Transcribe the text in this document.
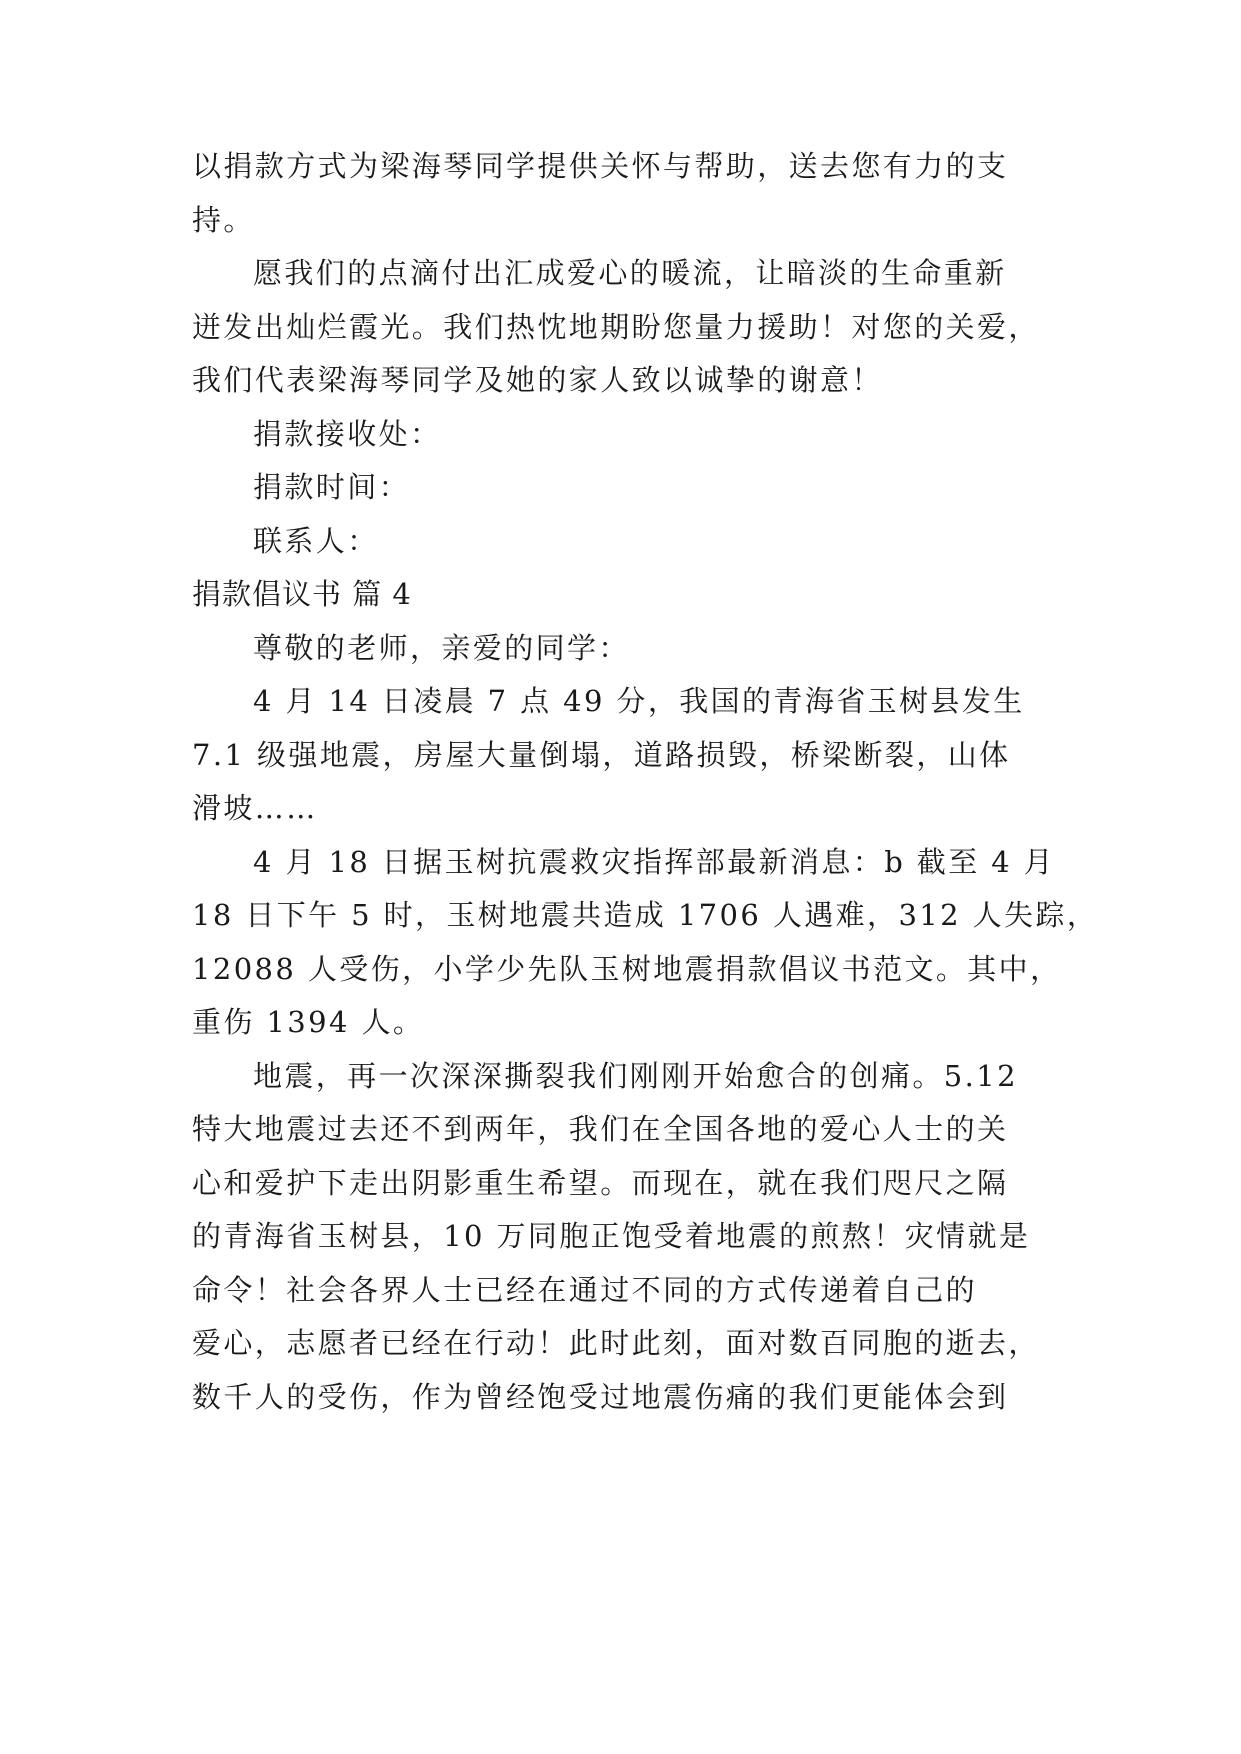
以捐款方式为梁海琴同学提供关怀与帮助，送去您有力的支
持。
愿我们的点滴付出汇成爱心的暖流，让暗淡的生命重新
迸发出灿烂霞光。我们热忱地期盼您量力援助！对您的关爱，
我们代表梁海琴同学及她的家人致以诚挚的谢意！
捐款接收处：
捐款时间：
联系人：
捐款倡议书 篇 4
尊敬的老师，亲爱的同学：
4 月 14 日凌晨 7 点 49 分，我国的青海省玉树县发生
7.1 级强地震，房屋大量倒塌，道路损毁，桥梁断裂，山体
滑坡……
4 月 18 日据玉树抗震救灾指挥部最新消息：b 截至 4 月
18 日下午 5 时，玉树地震共造成 1706 人遇难，312 人失踪，
12088 人受伤，小学少先队玉树地震捐款倡议书范文。其中，
重伤 1394 人。
地震，再一次深深撕裂我们刚刚开始愈合的创痛。5.12
特大地震过去还不到两年，我们在全国各地的爱心人士的关
心和爱护下走出阴影重生希望。而现在，就在我们咫尺之隔
的青海省玉树县，10 万同胞正饱受着地震的煎熬！灾情就是
命令！社会各界人士已经在通过不同的方式传递着自己的
爱心，志愿者已经在行动！此时此刻，面对数百同胞的逝去，
数千人的受伤，作为曾经饱受过地震伤痛的我们更能体会到
